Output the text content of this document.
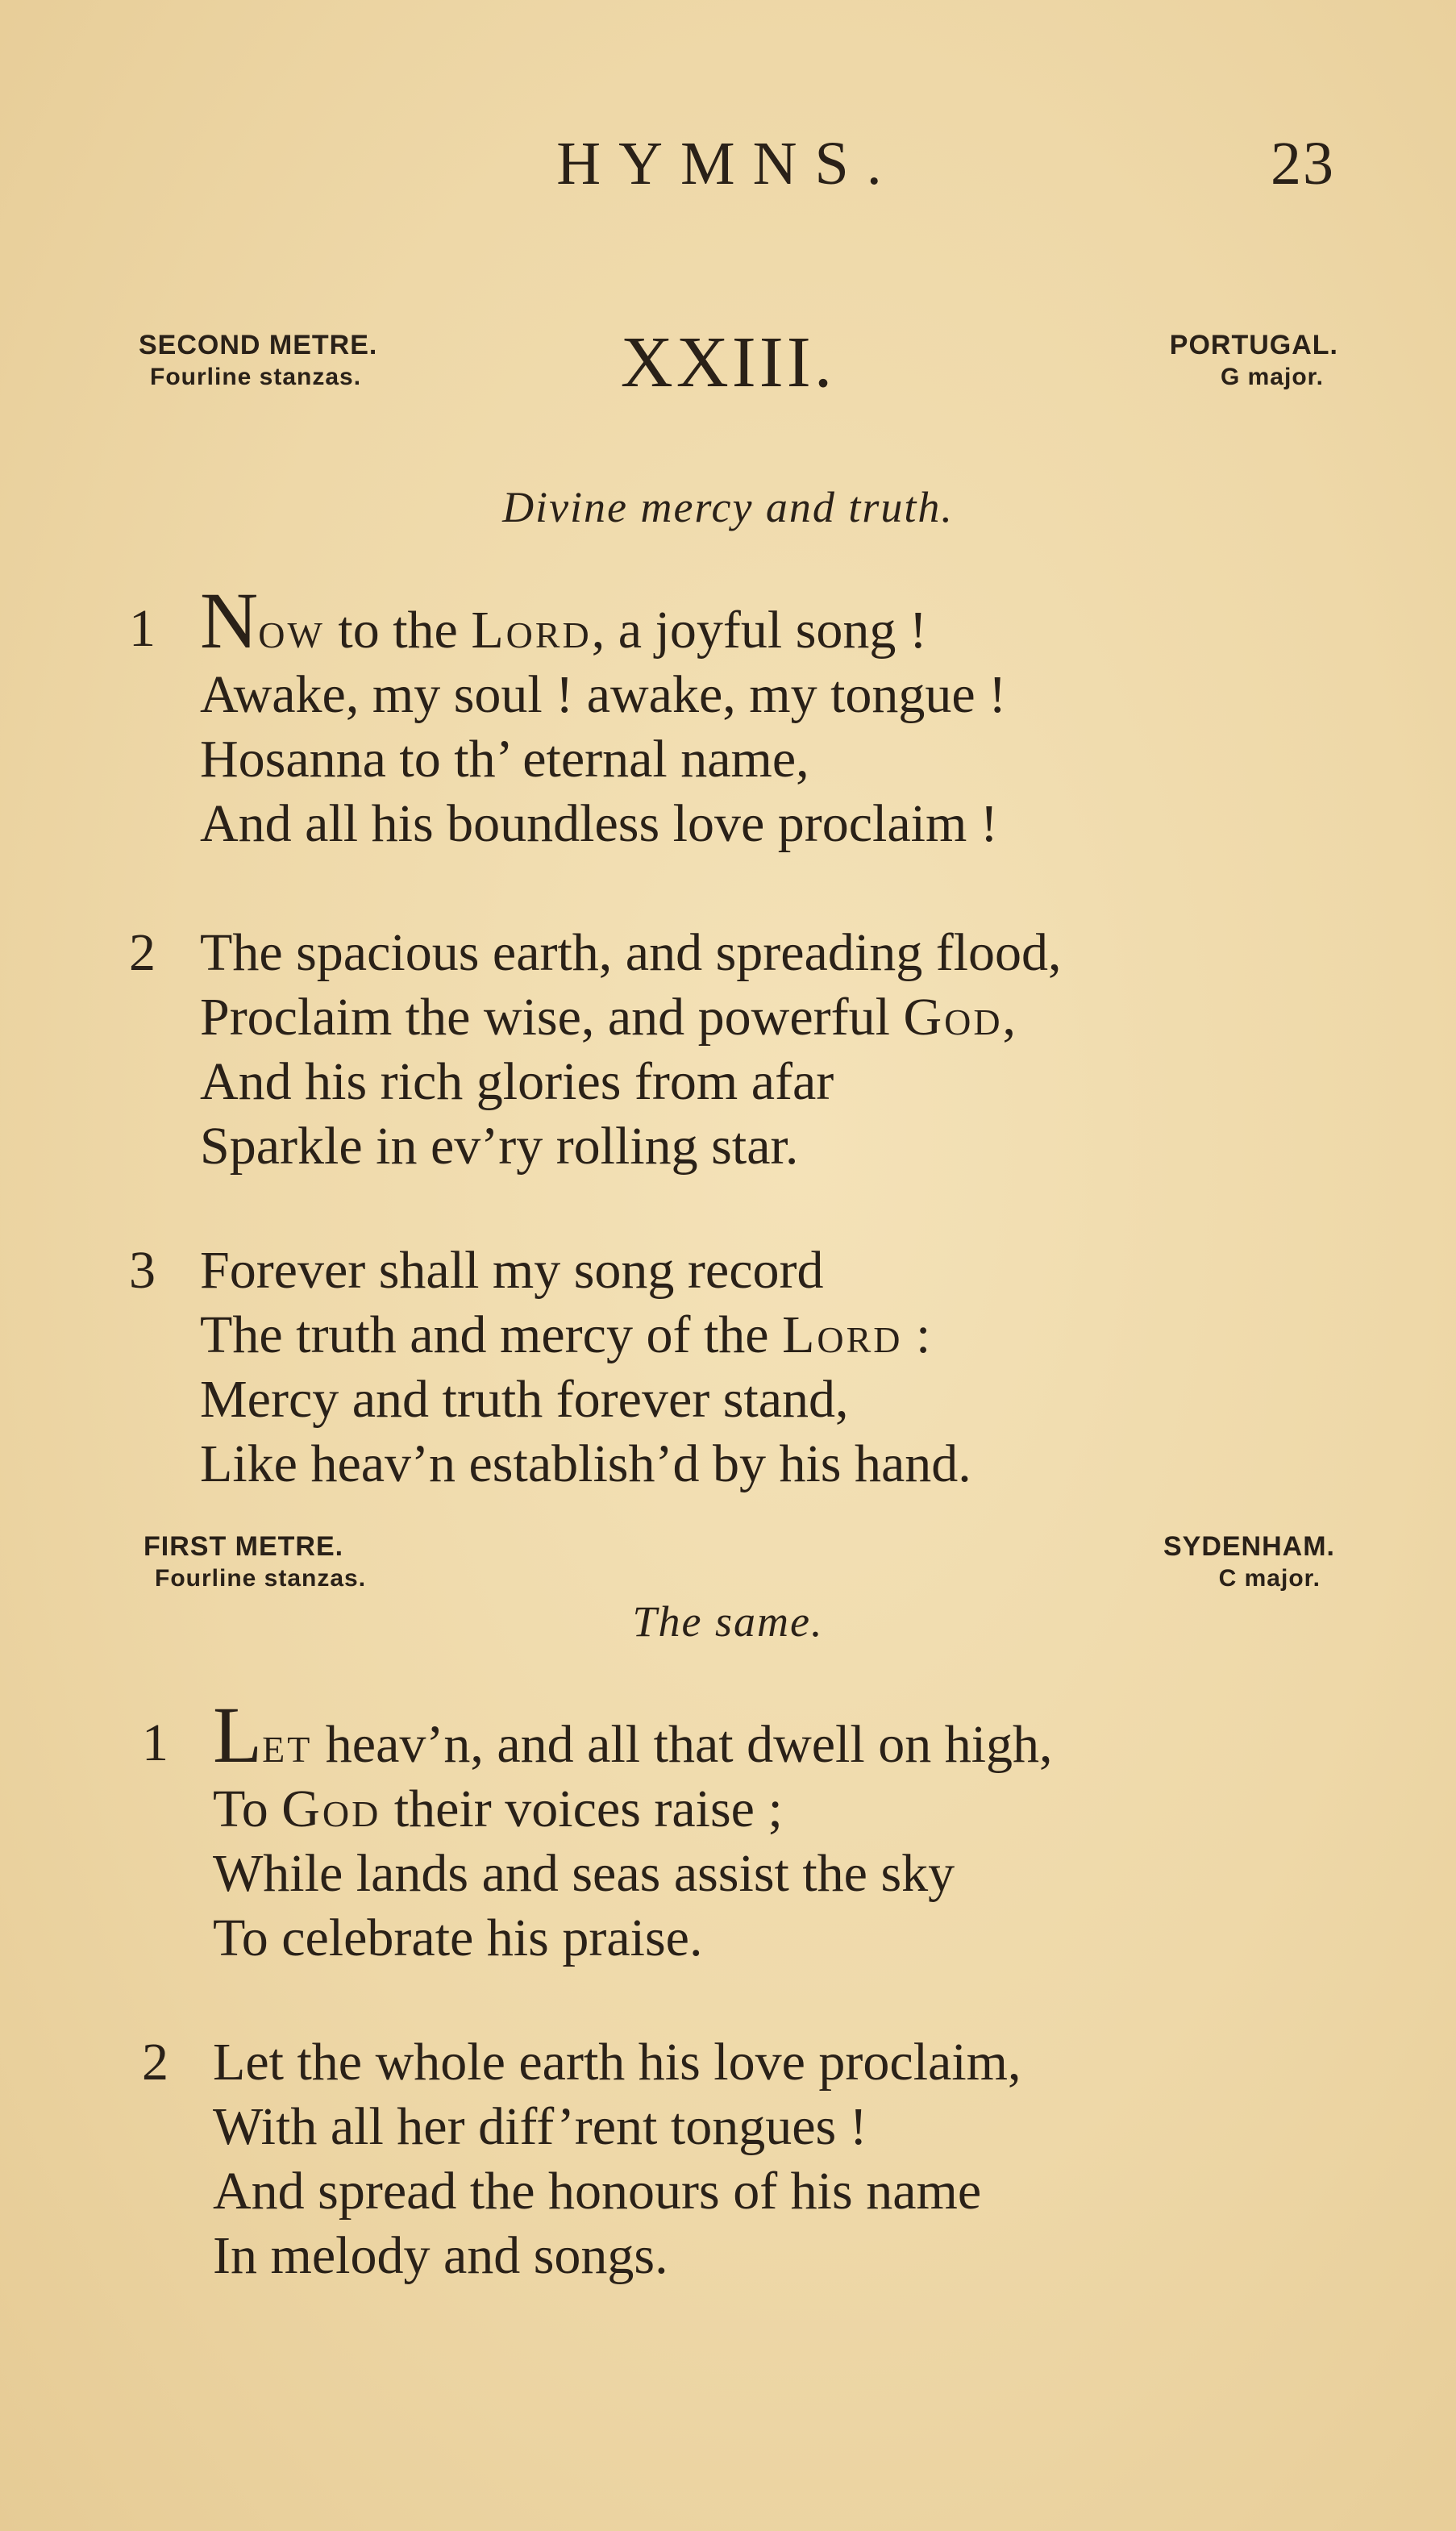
HYMNS.	23
SECOND METRE.
Fourline stanzas.	XXIII.	PORTUGAL.
G major.
Divine mercy and truth.
1 Now to the Lord, a joyful song !
Awake, my soul ! awake, my tongue !
Hosanna to th’ eternal name,
And all his boundless love proclaim !
2 The spacious earth, and spreading flood,
Proclaim the wise, and powerful God,
And his rich glories from afar
Sparkle in ev’ry rolling star.
3 Forever shall my song record
The truth and mercy of the Lord :
Mercy and truth forever stand,
Like heav’n establish’d by his hand.
FIRST METRE.
Fourline stanzas.
SYDENHAM.
C major.
The same.
1 Let heav’n, and all that dwell on high,
To God their voices raise ;
While lands and seas assist the sky
To celebrate his praise.
2 Let the whole earth his love proclaim,
With all her diff’rent tongues !
And spread the honours of his name
In melody and songs.
